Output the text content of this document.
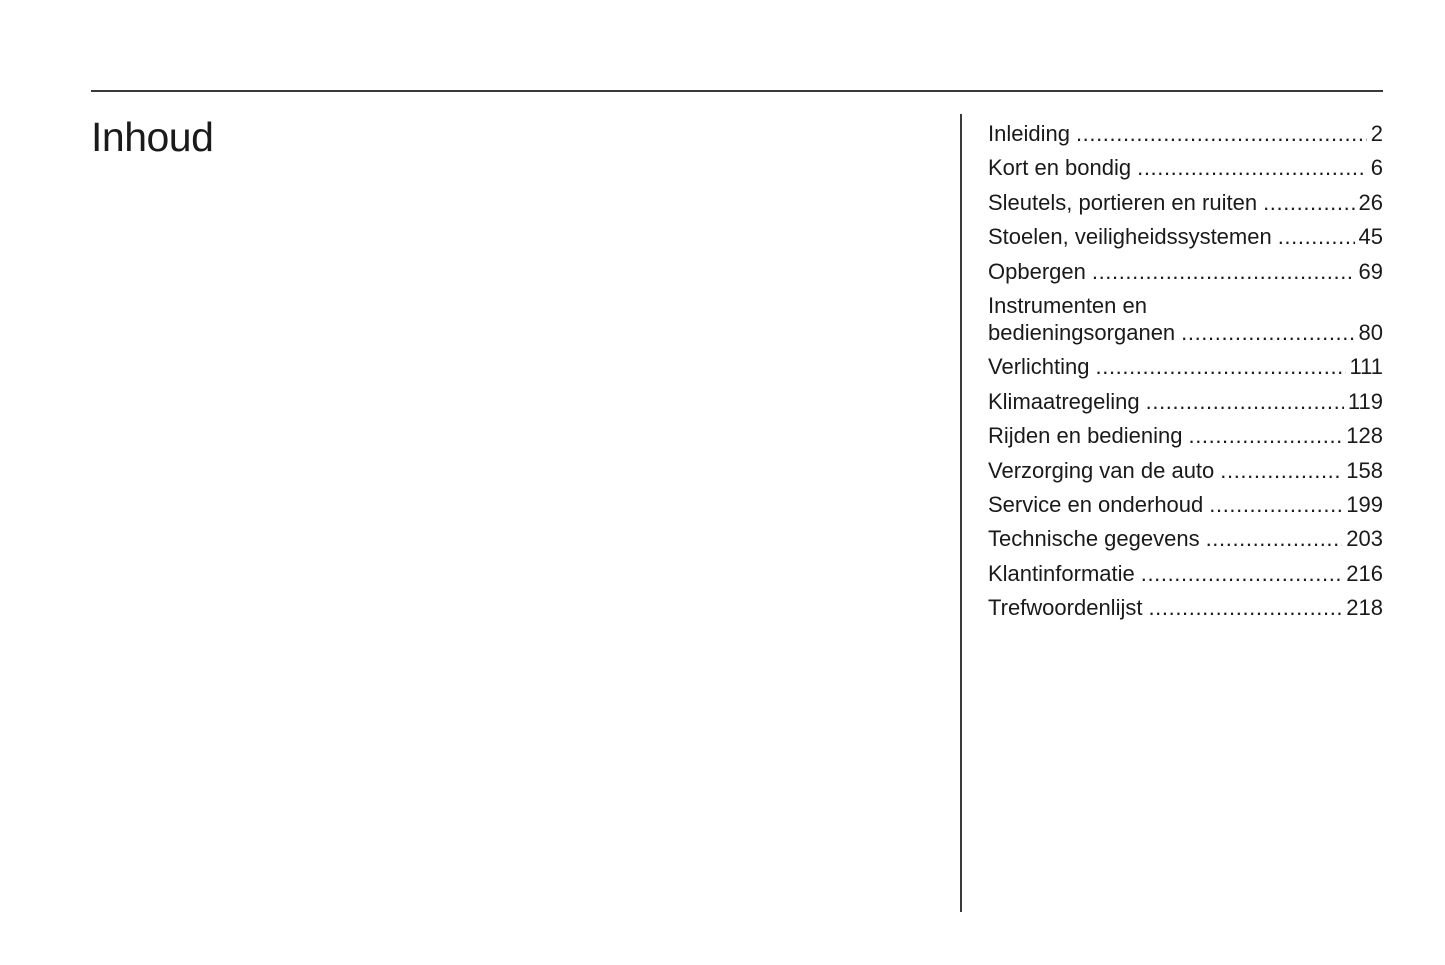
Inhoud	Inleiding .....	2
Kort en bondig .....	6
Sleutels, portieren en ruiten .....	26
Stoelen, veiligheidssystemen .....	45
Opbergen .....	69
Instrumenten en
bedieningsorganen .....	80
Verlichting .....	111
Klimaatregeling .....	119
Rijden en bediening .....	128
Verzorging van de auto .....	158
Service en onderhoud .....	199
Technische gegevens .....	203
Klantinformatie .....	216
Trefwoordenlijst .....	218
